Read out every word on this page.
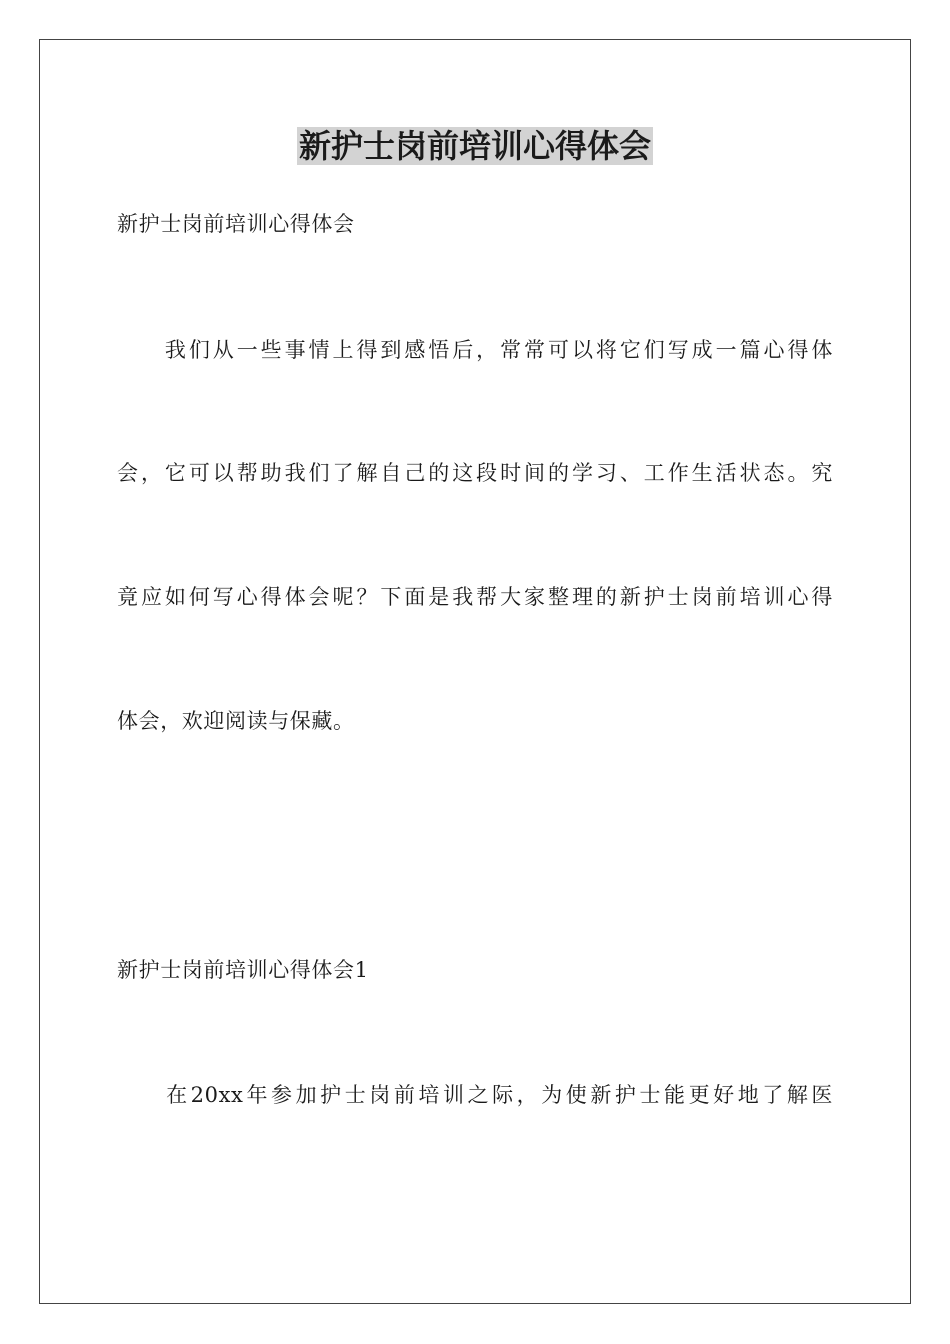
新护士岗前培训心得体会
新护士岗前培训心得体会
　　我们从一些事情上得到感悟后，常常可以将它们写成一篇心得体
会，它可以帮助我们了解自己的这段时间的学习、工作生活状态。究
竟应如何写心得体会呢？下面是我帮大家整理的新护士岗前培训心得
体会，欢迎阅读与保藏。
新护士岗前培训心得体会1
　　在20xx年参加护士岗前培训之际，为使新护士能更好地了解医
